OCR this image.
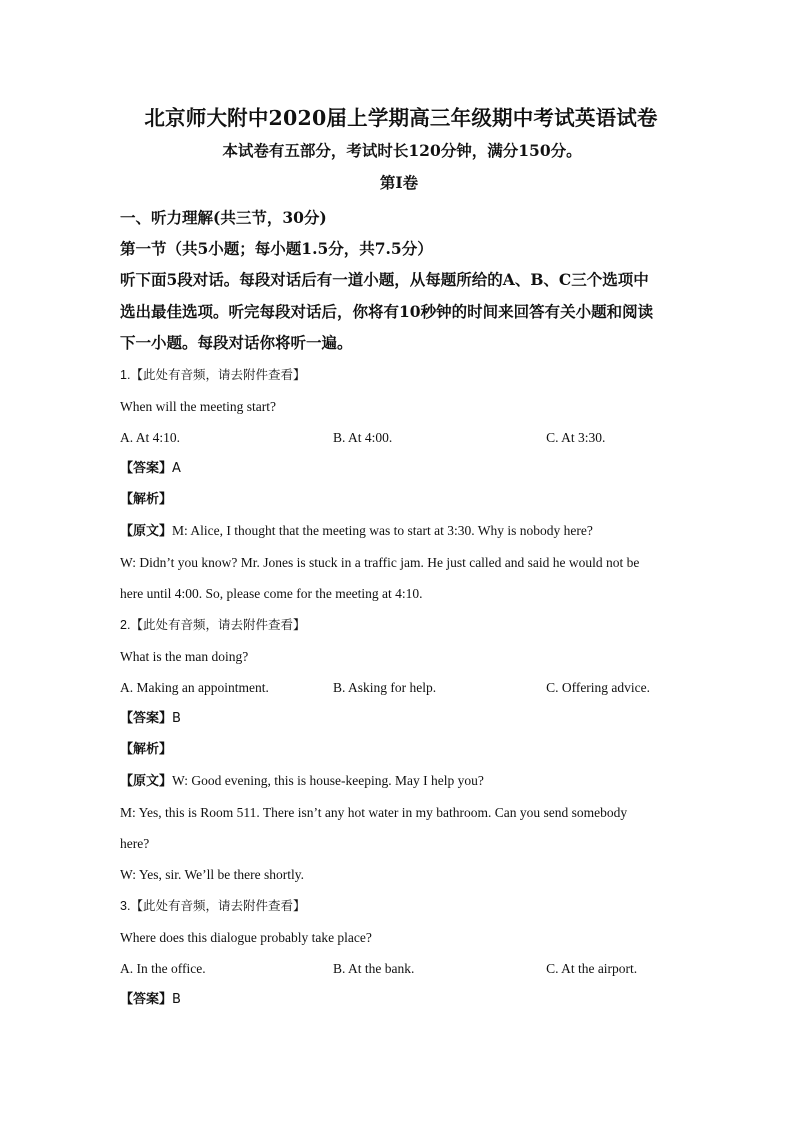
北京师大附中2020届上学期高三年级期中考试英语试卷
本试卷有五部分，考试时长120分钟，满分150分。
第I卷
一、听力理解(共三节，30分)
第一节（共5小题；每小题1.5分，共7.5分）
听下面5段对话。每段对话后有一道小题，从每题所给的A、B、C三个选项中
选出最佳选项。听完每段对话后，你将有10秒钟的时间来回答有关小题和阅读
下一小题。每段对话你将听一遍。
1.【此处有音频，请去附件查看】
When will the meeting start?
A. At 4:10.	B. At 4:00.	C. At 3:30.
【答案】A
【解析】
【原文】M: Alice, I thought that the meeting was to start at 3:30. Why is nobody here?
W: Didn’t you know? Mr. Jones is stuck in a traffic jam. He just called and said he would not be
here until 4:00. So, please come for the meeting at 4:10.
2.【此处有音频，请去附件查看】
What is the man doing?
A. Making an appointment.	B. Asking for help.	C. Offering advice.
【答案】B
【解析】
【原文】W: Good evening, this is house-keeping. May I help you?
M: Yes, this is Room 511. There isn’t any hot water in my bathroom. Can you send somebody
here?
W: Yes, sir. We’ll be there shortly.
3.【此处有音频，请去附件查看】
Where does this dialogue probably take place?
A. In the office.	B. At the bank.	C. At the airport.
【答案】B
